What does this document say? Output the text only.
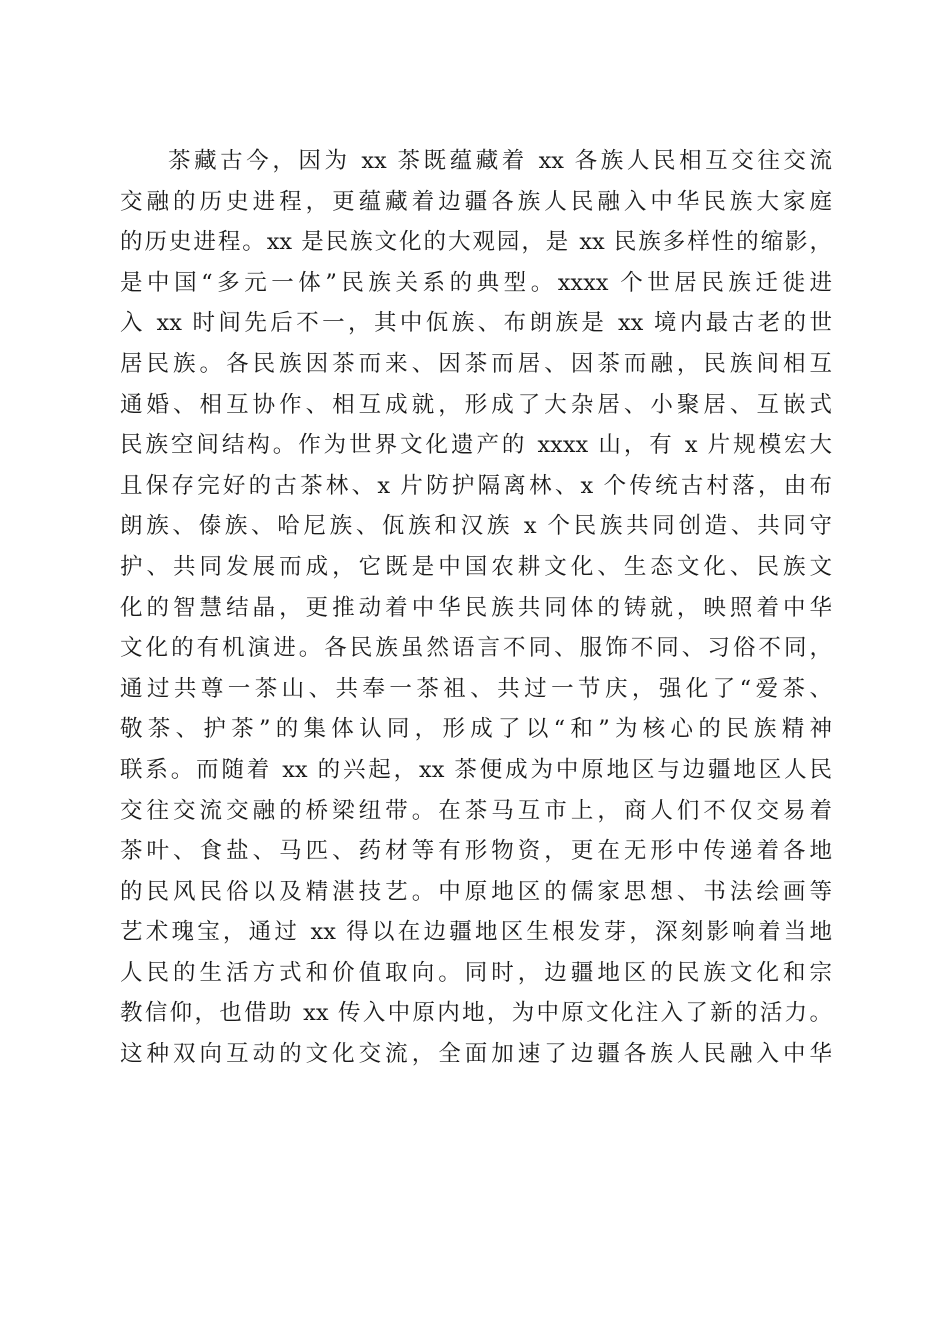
茶藏古今，因为 xx 茶既蕴藏着 xx 各族人民相互交往交流
交融的历史进程，更蕴藏着边疆各族人民融入中华民族大家庭
的历史进程。xx 是民族文化的大观园，是 xx 民族多样性的缩影，
是中国“多元一体”民族关系的典型。xxxx 个世居民族迁徙进
入 xx 时间先后不一，其中佤族、布朗族是 xx 境内最古老的世
居民族。各民族因茶而来、因茶而居、因茶而融，民族间相互
通婚、相互协作、相互成就，形成了大杂居、小聚居、互嵌式
民族空间结构。作为世界文化遗产的 xxxx 山，有 x 片规模宏大
且保存完好的古茶林、x 片防护隔离林、x 个传统古村落，由布
朗族、傣族、哈尼族、佤族和汉族 x 个民族共同创造、共同守
护、共同发展而成，它既是中国农耕文化、生态文化、民族文
化的智慧结晶，更推动着中华民族共同体的铸就，映照着中华
文化的有机演进。各民族虽然语言不同、服饰不同、习俗不同，
通过共尊一茶山、共奉一茶祖、共过一节庆，强化了“爱茶、
敬茶、护茶”的集体认同，形成了以“和”为核心的民族精神
联系。而随着 xx 的兴起，xx 茶便成为中原地区与边疆地区人民
交往交流交融的桥梁纽带。在茶马互市上，商人们不仅交易着
茶叶、食盐、马匹、药材等有形物资，更在无形中传递着各地
的民风民俗以及精湛技艺。中原地区的儒家思想、书法绘画等
艺术瑰宝，通过 xx 得以在边疆地区生根发芽，深刻影响着当地
人民的生活方式和价值取向。同时，边疆地区的民族文化和宗
教信仰，也借助 xx 传入中原内地，为中原文化注入了新的活力。
这种双向互动的文化交流，全面加速了边疆各族人民融入中华
